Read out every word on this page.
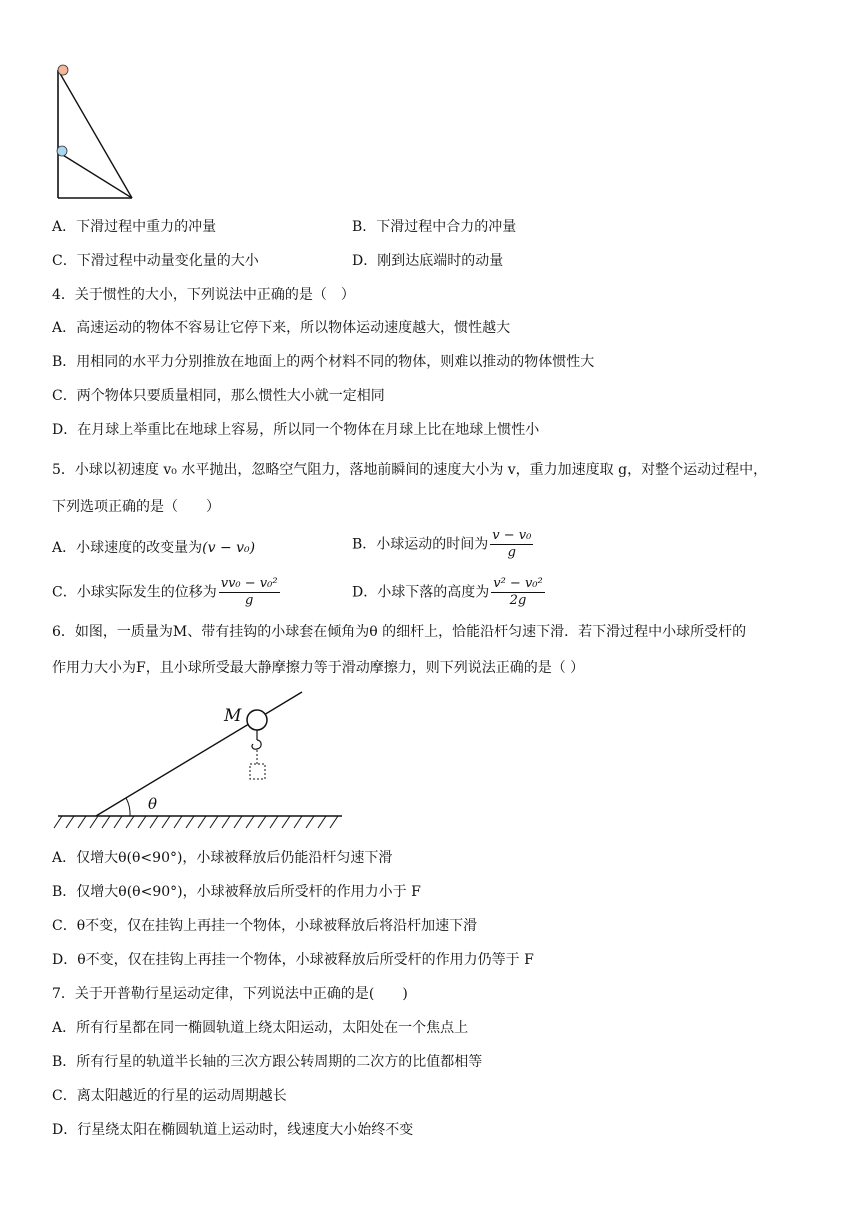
A．下滑过程中重力的冲量	B．下滑过程中合力的冲量
C．下滑过程中动量变化量的大小	D．刚到达底端时的动量
4．关于惯性的大小，下列说法中正确的是（　）
A．高速运动的物体不容易让它停下来，所以物体运动速度越大，惯性越大
B．用相同的水平力分别推放在地面上的两个材料不同的物体，则难以推动的物体惯性大
C．两个物体只要质量相同，那么惯性大小就一定相同
D．在月球上举重比在地球上容易，所以同一个物体在月球上比在地球上惯性小
5．小球以初速度 v₀ 水平抛出，忽略空气阻力，落地前瞬间的速度大小为 v，重力加速度取 g，对整个运动过程中，
下列选项正确的是（　　）
A．小球速度的改变量为(v − v₀)	B．小球运动的时间为 $\frac{\text{v − v₀}}{g}$
C．小球实际发生的位移为 $\frac{\text{vv₀ − v₀²}}{g}$	D．小球下落的高度为 $\frac{\text{v² − v₀²}}{2g}$
6．如图，一质量为M、带有挂钩的小球套在倾角为θ 的细杆上，恰能沿杆匀速下滑．若下滑过程中小球所受杆的
作用力大小为F，且小球所受最大静摩擦力等于滑动摩擦力，则下列说法正确的是（ ）
θ
M
A．仅增大θ(θ<90°)，小球被释放后仍能沿杆匀速下滑
B．仅增大θ(θ<90°)，小球被释放后所受杆的作用力小于 F
C．θ不变，仅在挂钩上再挂一个物体，小球被释放后将沿杆加速下滑
D．θ不变，仅在挂钩上再挂一个物体，小球被释放后所受杆的作用力仍等于 F
7．关于开普勒行星运动定律，下列说法中正确的是(　　)
A．所有行星都在同一椭圆轨道上绕太阳运动，太阳处在一个焦点上
B．所有行星的轨道半长轴的三次方跟公转周期的二次方的比值都相等
C．离太阳越近的行星的运动周期越长
D．行星绕太阳在椭圆轨道上运动时，线速度大小始终不变
